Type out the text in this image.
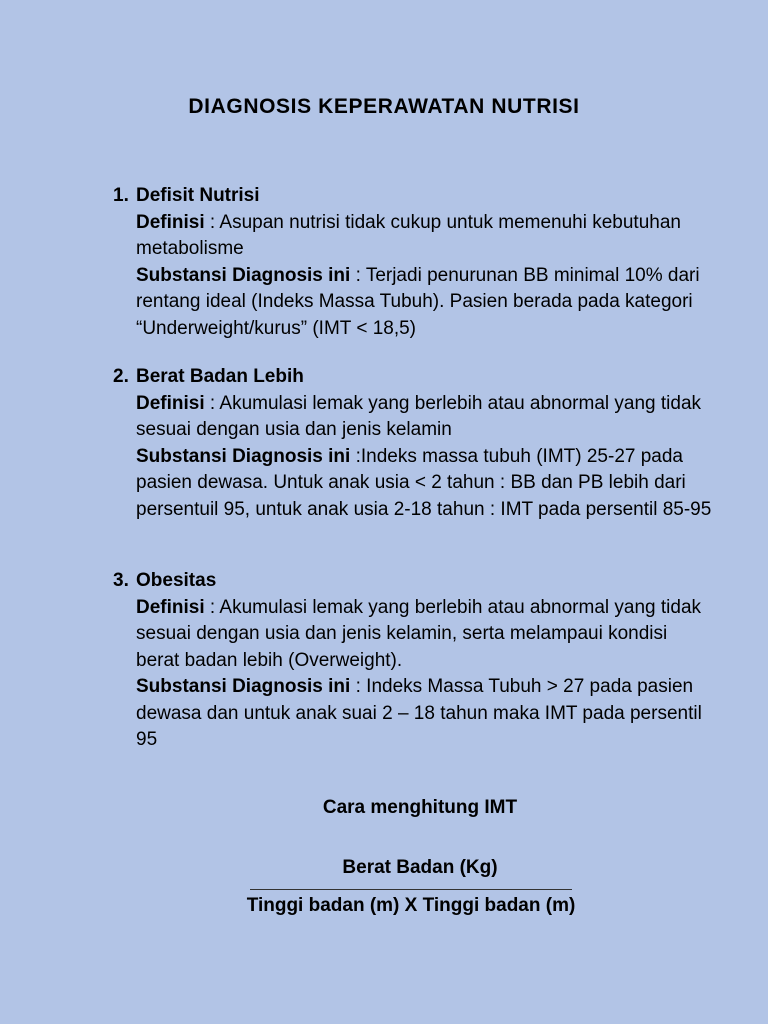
DIAGNOSIS KEPERAWATAN NUTRISI
1. Defisit Nutrisi
Definisi : Asupan nutrisi tidak cukup untuk memenuhi kebutuhan metabolisme
Substansi Diagnosis ini : Terjadi penurunan BB minimal 10% dari rentang ideal (Indeks Massa Tubuh). Pasien berada pada kategori “Underweight/kurus” (IMT < 18,5)
2. Berat Badan Lebih
Definisi : Akumulasi lemak yang berlebih atau abnormal yang tidak sesuai dengan usia dan jenis kelamin
Substansi Diagnosis ini :Indeks massa tubuh (IMT) 25-27 pada pasien dewasa. Untuk anak usia < 2 tahun : BB dan PB lebih dari persentuil 95, untuk anak usia 2-18 tahun : IMT pada persentil 85-95
3. Obesitas
Definisi : Akumulasi lemak yang berlebih atau abnormal yang tidak sesuai dengan usia dan jenis kelamin, serta melampaui kondisi berat badan lebih (Overweight).
Substansi Diagnosis ini : Indeks Massa Tubuh > 27 pada pasien dewasa dan untuk anak suai 2 – 18 tahun maka IMT pada persentil 95
Cara menghitung IMT
Berat Badan (Kg)
Tinggi badan (m) X Tinggi badan (m)
